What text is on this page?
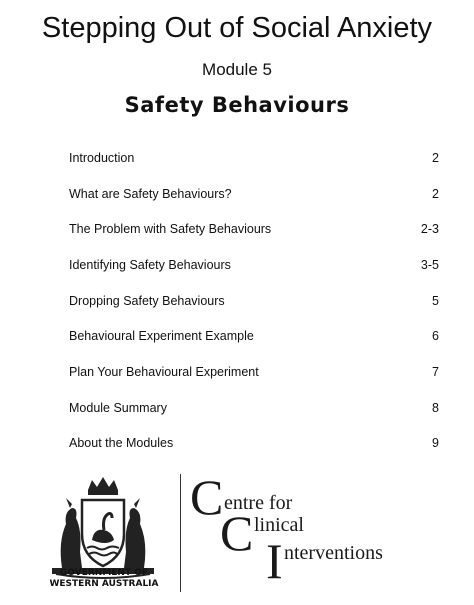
Stepping Out of Social Anxiety
Module 5
Safety Behaviours
Introduction	2
What are Safety Behaviours?	2
The Problem with Safety Behaviours	2-3
Identifying Safety Behaviours	3-5
Dropping Safety Behaviours	5
Behavioural Experiment Example	6
Plan Your Behavioural Experiment	7
Module Summary	8
About the Modules	9
GOVERNMENT OF
WESTERN AUSTRALIA
C entre for
C linical
I nterventions
